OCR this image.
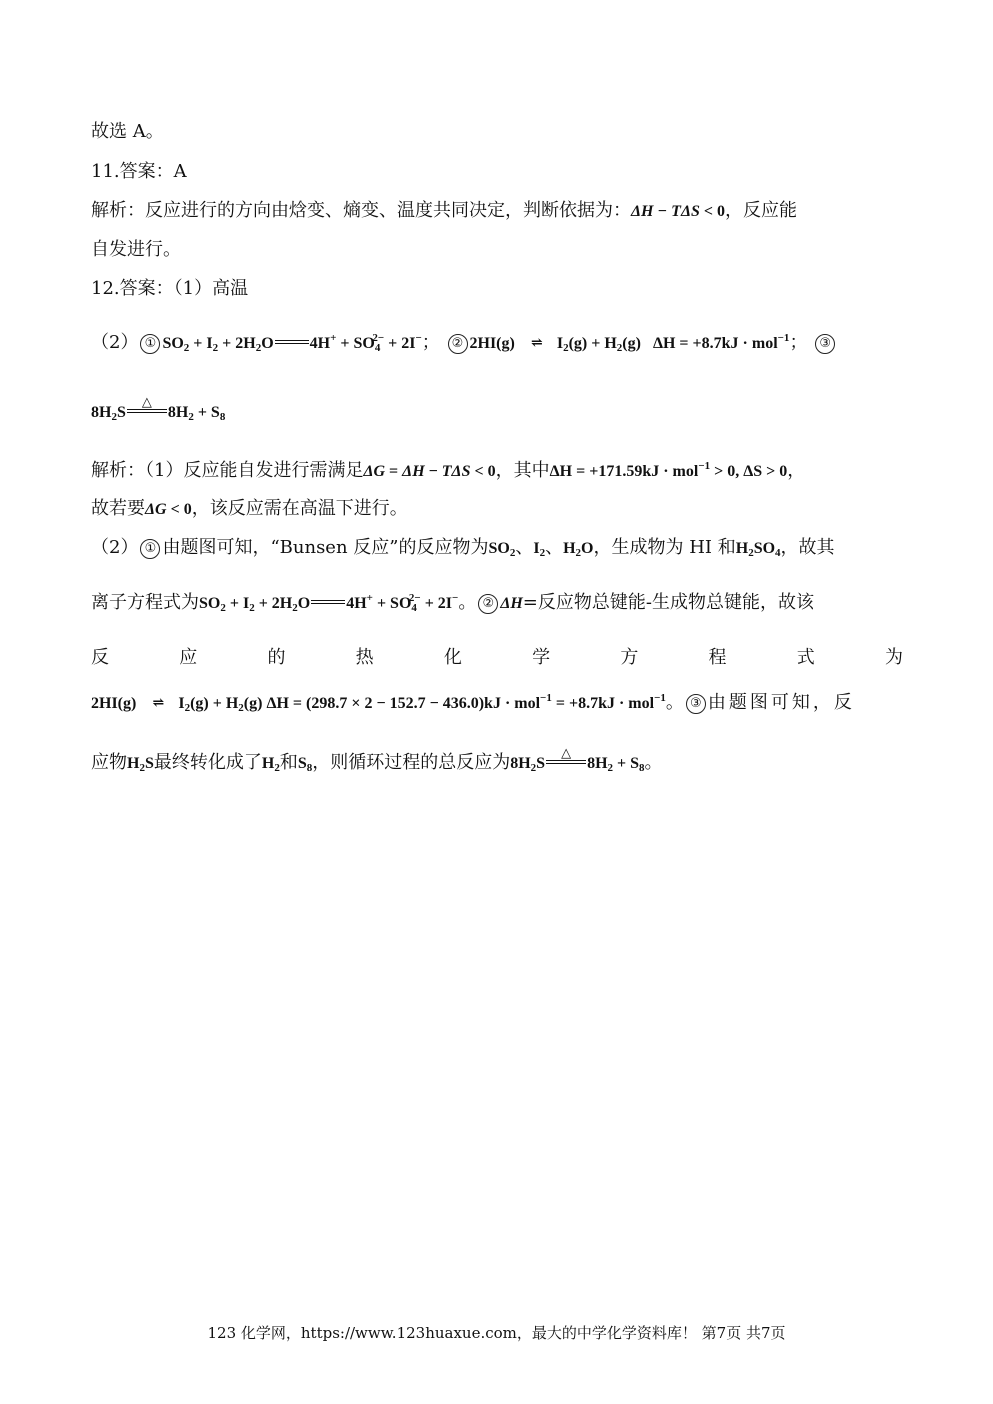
故选 A。
11.答案：A
解析：反应进行的方向由焓变、熵变、温度共同决定，判断依据为：ΔH − TΔS < 0，反应能
自发进行。
12.答案：（1）高温
（2） ① $SO_2 + I_2 + 2H_2O$ $4H^+ + SO_4^{2-} + 2I^-$； ② 2HI(g) ⇌ $I_2(g) + H_2(g) \Delta H = +8.7kJ \cdot mol^{-1}$； ③
$8H_2S$
△
$8H_2 + S_8$
解析：（1）反应能自发进行需满足ΔG = ΔH − TΔS < 0，其中ΔH = +171.59kJ · mol$^{-1}$ > 0, ΔS > 0，
故若要ΔG < 0，该反应需在高温下进行。
（2） ① 由题图可知，“Bunsen 反应”的反应物为$SO_2$、$I_2$、$H_2O$，生成物为 HI 和$H_2SO_4$，故其
离子方程式为$SO_2 + I_2 + 2H_2O$ $4H^+ + SO_4^{2-} + 2I^-$。 ② ΔH=反应物总键能-生成物总键能，故该
反	应	的	热	化	学	方	程	式	为
2HI(g) ⇌ $I_2(g) + H_2(g) \Delta H = (298.7 \times 2 - 152.7 - 436.0)kJ \cdot mol^{-1} = +8.7kJ \cdot mol^{-1}$。 ③ 由题图可知，反
应物$H_2S$最终转化成了$H_2$和$S_8$，则循环过程的总反应为$8H_2S$
△
$8H_2 + S_8$。
123 化学网，https://www.123huaxue.com，最大的中学化学资料库！ 第7页 共7页
